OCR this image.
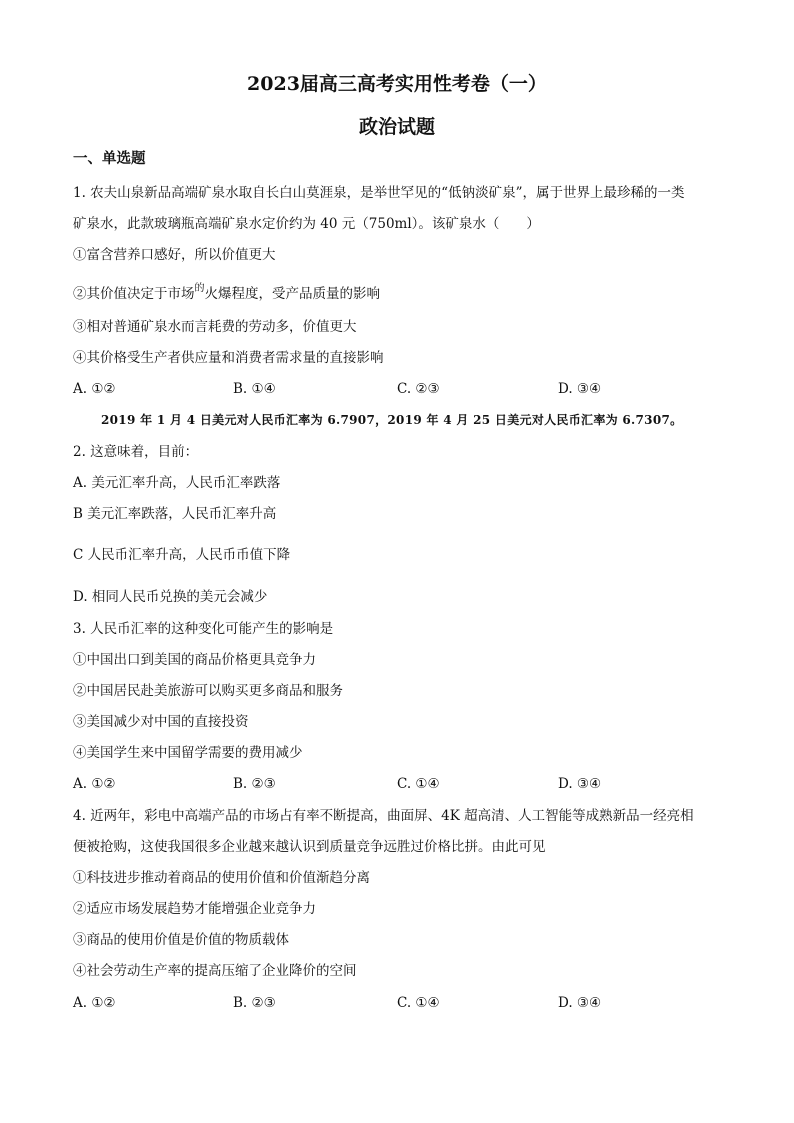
2023届高三高考实用性考卷（一）
政治试题
一、单选题
1. 农夫山泉新品高端矿泉水取自长白山莫涯泉，是举世罕见的“低钠淡矿泉”，属于世界上最珍稀的一类
矿泉水，此款玻璃瓶高端矿泉水定价约为 40 元（750ml）。该矿泉水（　　）
①富含营养口感好，所以价值更大
②其价值决定于市场$^的$火爆程度，受产品质量的影响
③相对普通矿泉水而言耗费的劳动多，价值更大
④其价格受生产者供应量和消费者需求量的直接影响
A. ①②	B. ①④	C. ②③	D. ③④
2019 年 1 月 4 日美元对人民币汇率为 6.7907，2019 年 4 月 25 日美元对人民币汇率为 6.7307。
2. 这意味着，目前：
A. 美元汇率升高，人民币汇率跌落
B 美元汇率跌落，人民币汇率升高
C 人民币汇率升高，人民币币值下降
D. 相同人民币兑换的美元会减少
3. 人民币汇率的这种变化可能产生的影响是
①中国出口到美国的商品价格更具竞争力
②中国居民赴美旅游可以购买更多商品和服务
③美国减少对中国的直接投资
④美国学生来中国留学需要的费用减少
A. ①②	B. ②③	C. ①④	D. ③④
4. 近两年，彩电中高端产品的市场占有率不断提高，曲面屏、4K 超高清、人工智能等成熟新品一经亮相
便被抢购，这使我国很多企业越来越认识到质量竞争远胜过价格比拼。由此可见
①科技进步推动着商品的使用价值和价值渐趋分离
②适应市场发展趋势才能增强企业竞争力
③商品的使用价值是价值的物质载体
④社会劳动生产率的提高压缩了企业降价的空间
A. ①②	B. ②③	C. ①④	D. ③④
